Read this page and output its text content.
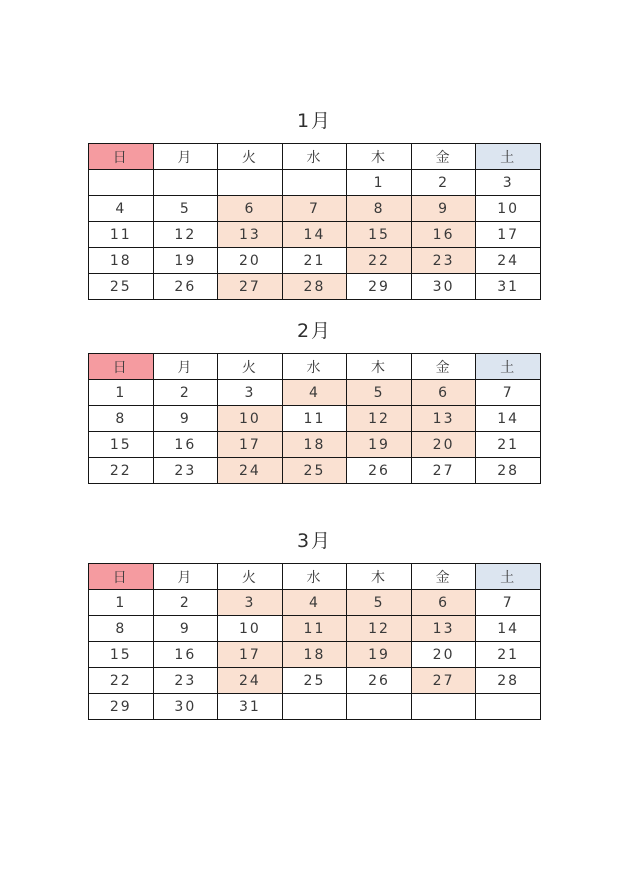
1月
日	月	火	水	木	金	土
				1	2	3
4	5	6	7	8	9	10
11	12	13	14	15	16	17
18	19	20	21	22	23	24
25	26	27	28	29	30	31
2月
日	月	火	水	木	金	土
1	2	3	4	5	6	7
8	9	10	11	12	13	14
15	16	17	18	19	20	21
22	23	24	25	26	27	28
3月
日	月	火	水	木	金	土
1	2	3	4	5	6	7
8	9	10	11	12	13	14
15	16	17	18	19	20	21
22	23	24	25	26	27	28
29	30	31				
